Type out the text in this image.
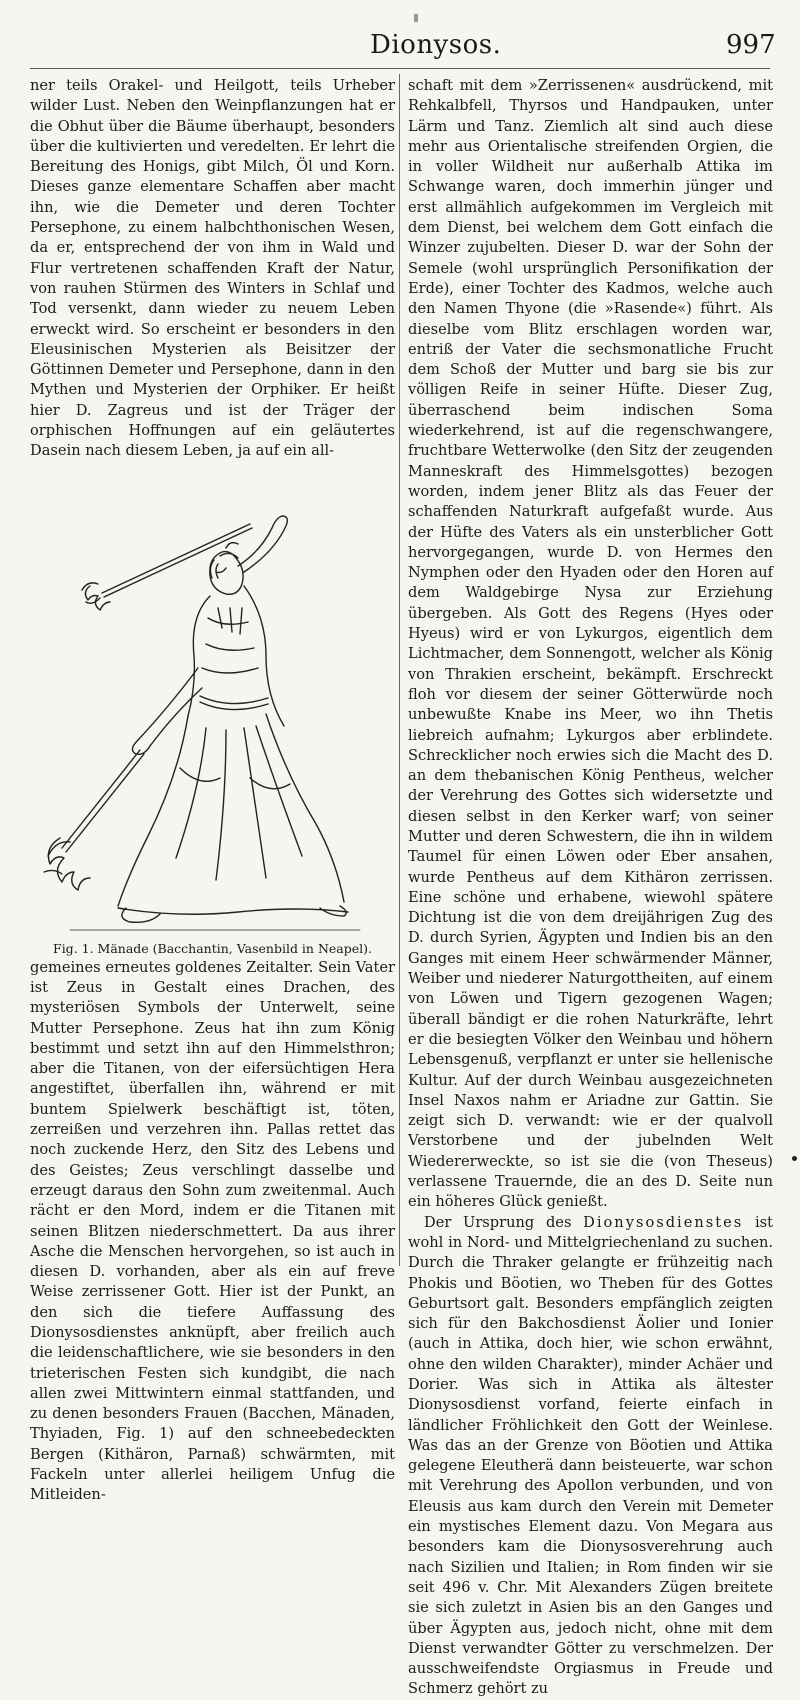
Dionysos.	997

ner teils Orakel- und Heilgott, teils Urheber wilder Lust. Neben den Weinpflanzungen hat er die Obhut über die Bäume überhaupt, besonders über die kultivierten und veredelten. Er lehrt die Bereitung des Honigs, gibt Milch, Öl und Korn. Dieses ganze elementare Schaffen aber macht ihn, wie die Demeter und deren Tochter Persephone, zu einem halbchthonischen Wesen, da er, entsprechend der von ihm in Wald und Flur vertretenen schaffenden Kraft der Natur, von rauhen Stürmen des Winters in Schlaf und Tod versenkt, dann wieder zu neuem Leben erweckt wird. So erscheint er besonders in den Eleusinischen Mysterien als Beisitzer der Göttinnen Demeter und Persephone, dann in den Mythen und Mysterien der Orphiker. Er heißt hier D. Zagreus und ist der Träger der orphischen Hoffnungen auf ein geläutertes Dasein nach diesem Leben, ja auf ein all-

Fig. 1. Mänade (Bacchantin, Vasenbild in Neapel).

gemeines erneutes goldenes Zeitalter. Sein Vater ist Zeus in Gestalt eines Drachen, des mysteriösen Symbols der Unterwelt, seine Mutter Persephone. Zeus hat ihn zum König bestimmt und setzt ihn auf den Himmelsthron; aber die Titanen, von der eifersüchtigen Hera angestiftet, überfallen ihn, während er mit buntem Spielwerk beschäftigt ist, töten, zerreißen und verzehren ihn. Pallas rettet das noch zuckende Herz, den Sitz des Lebens und des Geistes; Zeus verschlingt dasselbe und erzeugt daraus den Sohn zum zweitenmal. Auch rächt er den Mord, indem er die Titanen mit seinen Blitzen niederschmettert. Da aus ihrer Asche die Menschen hervorgehen, so ist auch in diesen D. vorhanden, aber als ein auf freve Weise zerrissener Gott. Hier ist der Punkt, an den sich die tiefere Auffassung des Dionysosdienstes anknüpft, aber freilich auch die leidenschaftlichere, wie sie besonders in den trieterischen Festen sich kundgibt, die nach allen zwei Mittwintern einmal stattfanden, und zu denen besonders Frauen (Bacchen, Mänaden, Thyiaden, Fig. 1) auf den schneebedeckten Bergen (Kithäron, Parnaß) schwärmten, mit Fackeln unter allerlei heiligem Unfug die Mitleiden-

schaft mit dem »Zerrissenen« ausdrückend, mit Rehkalbfell, Thyrsos und Handpauken, unter Lärm und Tanz. Ziemlich alt sind auch diese mehr aus Orientalische streifenden Orgien, die in voller Wildheit nur außerhalb Attika im Schwange waren, doch immerhin jünger und erst allmählich aufgekommen im Vergleich mit dem Dienst, bei welchem dem Gott einfach die Winzer zujubelten. Dieser D. war der Sohn der Semele (wohl ursprünglich Personifikation der Erde), einer Tochter des Kadmos, welche auch den Namen Thyone (die »Rasende«) führt. Als dieselbe vom Blitz erschlagen worden war, entriß der Vater die sechsmonatliche Frucht dem Schoß der Mutter und barg sie bis zur völligen Reife in seiner Hüfte. Dieser Zug, überraschend beim indischen Soma wiederkehrend, ist auf die regenschwangere, fruchtbare Wetterwolke (den Sitz der zeugenden Manneskraft des Himmelsgottes) bezogen worden, indem jener Blitz als das Feuer der schaffenden Naturkraft aufgefaßt wurde. Aus der Hüfte des Vaters als ein unsterblicher Gott hervorgegangen, wurde D. von Hermes den Nymphen oder den Hyaden oder den Horen auf dem Waldgebirge Nysa zur Erziehung übergeben. Als Gott des Regens (Hyes oder Hyeus) wird er von Lykurgos, eigentlich dem Lichtmacher, dem Sonnengott, welcher als König von Thrakien erscheint, bekämpft. Erschreckt floh vor diesem der seiner Götterwürde noch unbewußte Knabe ins Meer, wo ihn Thetis liebreich aufnahm; Lykurgos aber erblindete. Schrecklicher noch erwies sich die Macht des D. an dem thebanischen König Pentheus, welcher der Verehrung des Gottes sich widersetzte und diesen selbst in den Kerker warf; von seiner Mutter und deren Schwestern, die ihn in wildem Taumel für einen Löwen oder Eber ansahen, wurde Pentheus auf dem Kithäron zerrissen. Eine schöne und erhabene, wiewohl spätere Dichtung ist die von dem dreijährigen Zug des D. durch Syrien, Ägypten und Indien bis an den Ganges mit einem Heer schwärmender Männer, Weiber und niederer Naturgottheiten, auf einem von Löwen und Tigern gezogenen Wagen; überall bändigt er die rohen Naturkräfte, lehrt er die besiegten Völker den Weinbau und höhern Lebensgenuß, verpflanzt er unter sie hellenische Kultur. Auf der durch Weinbau ausgezeichneten Insel Naxos nahm er Ariadne zur Gattin. Sie zeigt sich D. verwandt: wie er der qualvoll Verstorbene und der jubelnden Welt Wiedererweckte, so ist sie die (von Theseus) verlassene Trauernde, die an des D. Seite nun ein höheres Glück genießt.

Der Ursprung des Dionysosdienstes ist wohl in Nord- und Mittelgriechenland zu suchen. Durch die Thraker gelangte er frühzeitig nach Phokis und Böotien, wo Theben für des Gottes Geburtsort galt. Besonders empfänglich zeigten sich für den Bakchosdienst Äolier und Ionier (auch in Attika, doch hier, wie schon erwähnt, ohne den wilden Charakter), minder Achäer und Dorier. Was sich in Attika als ältester Dionysosdienst vorfand, feierte einfach in ländlicher Fröhlichkeit den Gott der Weinlese. Was das an der Grenze von Böotien und Attika gelegene Eleutherä dann beisteuerte, war schon mit Verehrung des Apollon verbunden, und von Eleusis aus kam durch den Verein mit Demeter ein mystisches Element dazu. Von Megara aus besonders kam die Dionysosverehrung auch nach Sizilien und Italien; in Rom finden wir sie seit 496 v. Chr. Mit Alexanders Zügen breitete sie sich zuletzt in Asien bis an den Ganges und über Ägypten aus, jedoch nicht, ohne mit dem Dienst verwandter Götter zu verschmelzen. Der ausschweifendste Orgiasmus in Freude und Schmerz gehört zu
